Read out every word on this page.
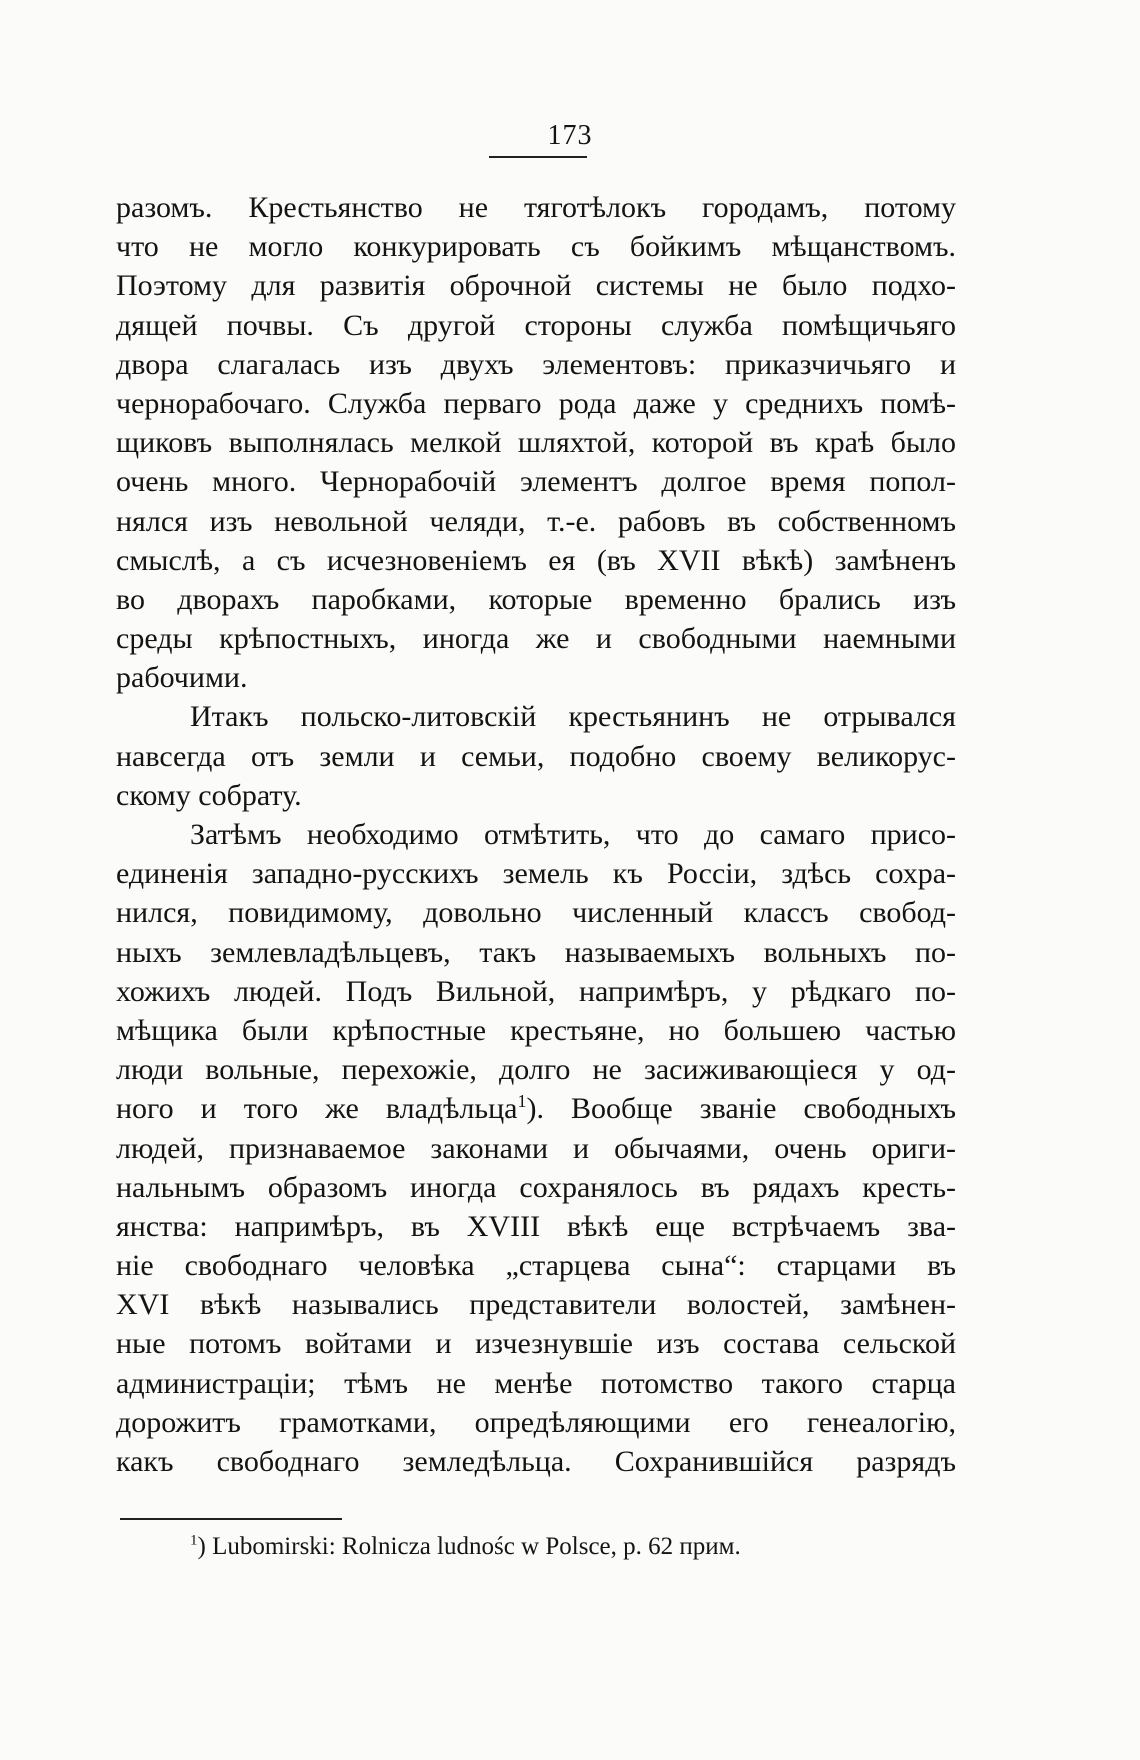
173
разомъ. Крестьянство не тяготѣлокъ городамъ, потому
что не могло конкурировать съ бойкимъ мѣщанствомъ.
Поэтому для развитія оброчной системы не было подхо-
дящей почвы. Съ другой стороны служба помѣщичьяго
двора слагалась изъ двухъ элементовъ: приказчичьяго и
чернорабочаго. Служба перваго рода даже у среднихъ помѣ-
щиковъ выполнялась мелкой шляхтой, которой въ краѣ было
очень много. Чернорабочій элементъ долгое время попол-
нялся изъ невольной челяди, т.-е. рабовъ въ собственномъ
смыслѣ, а съ исчезновеніемъ ея (въ XVII вѣкѣ) замѣненъ
во дворахъ паробками, которые временно брались изъ
среды крѣпостныхъ, иногда же и свободными наемными
рабочими.
Итакъ польско-литовскій крестьянинъ не отрывался
навсегда отъ земли и семьи, подобно своему великорус-
скому собрату.
Затѣмъ необходимо отмѣтить, что до самаго присо-
единенія западно-русскихъ земель къ Россіи, здѣсь сохра-
нился, повидимому, довольно численный классъ свобод-
ныхъ землевладѣльцевъ, такъ называемыхъ вольныхъ по-
хожихъ людей. Подъ Вильной, напримѣръ, у рѣдкаго по-
мѣщика были крѣпостные крестьяне, но большею частью
люди вольные, перехожіе, долго не засиживающіеся у од-
ного и того же владѣльца$^1$). Вообще званіе свободныхъ
людей, признаваемое законами и обычаями, очень ориги-
нальнымъ образомъ иногда сохранялось въ рядахъ кресть-
янства: напримѣръ, въ XVIII вѣкѣ еще встрѣчаемъ зва-
ніе свободнаго человѣка „старцева сына“: старцами въ
XVI вѣкѣ назывались представители волостей, замѣнен-
ные потомъ войтами и изчезнувшіе изъ состава сельской
администраціи; тѣмъ не менѣе потомство такого старца
дорожитъ грамотками, опредѣляющими его генеалогію,
какъ свободнаго земледѣльца. Сохранившійся разрядъ
$^1$) Lubomirski: Rolnicza ludnośc w Polsce, p. 62 прим.
